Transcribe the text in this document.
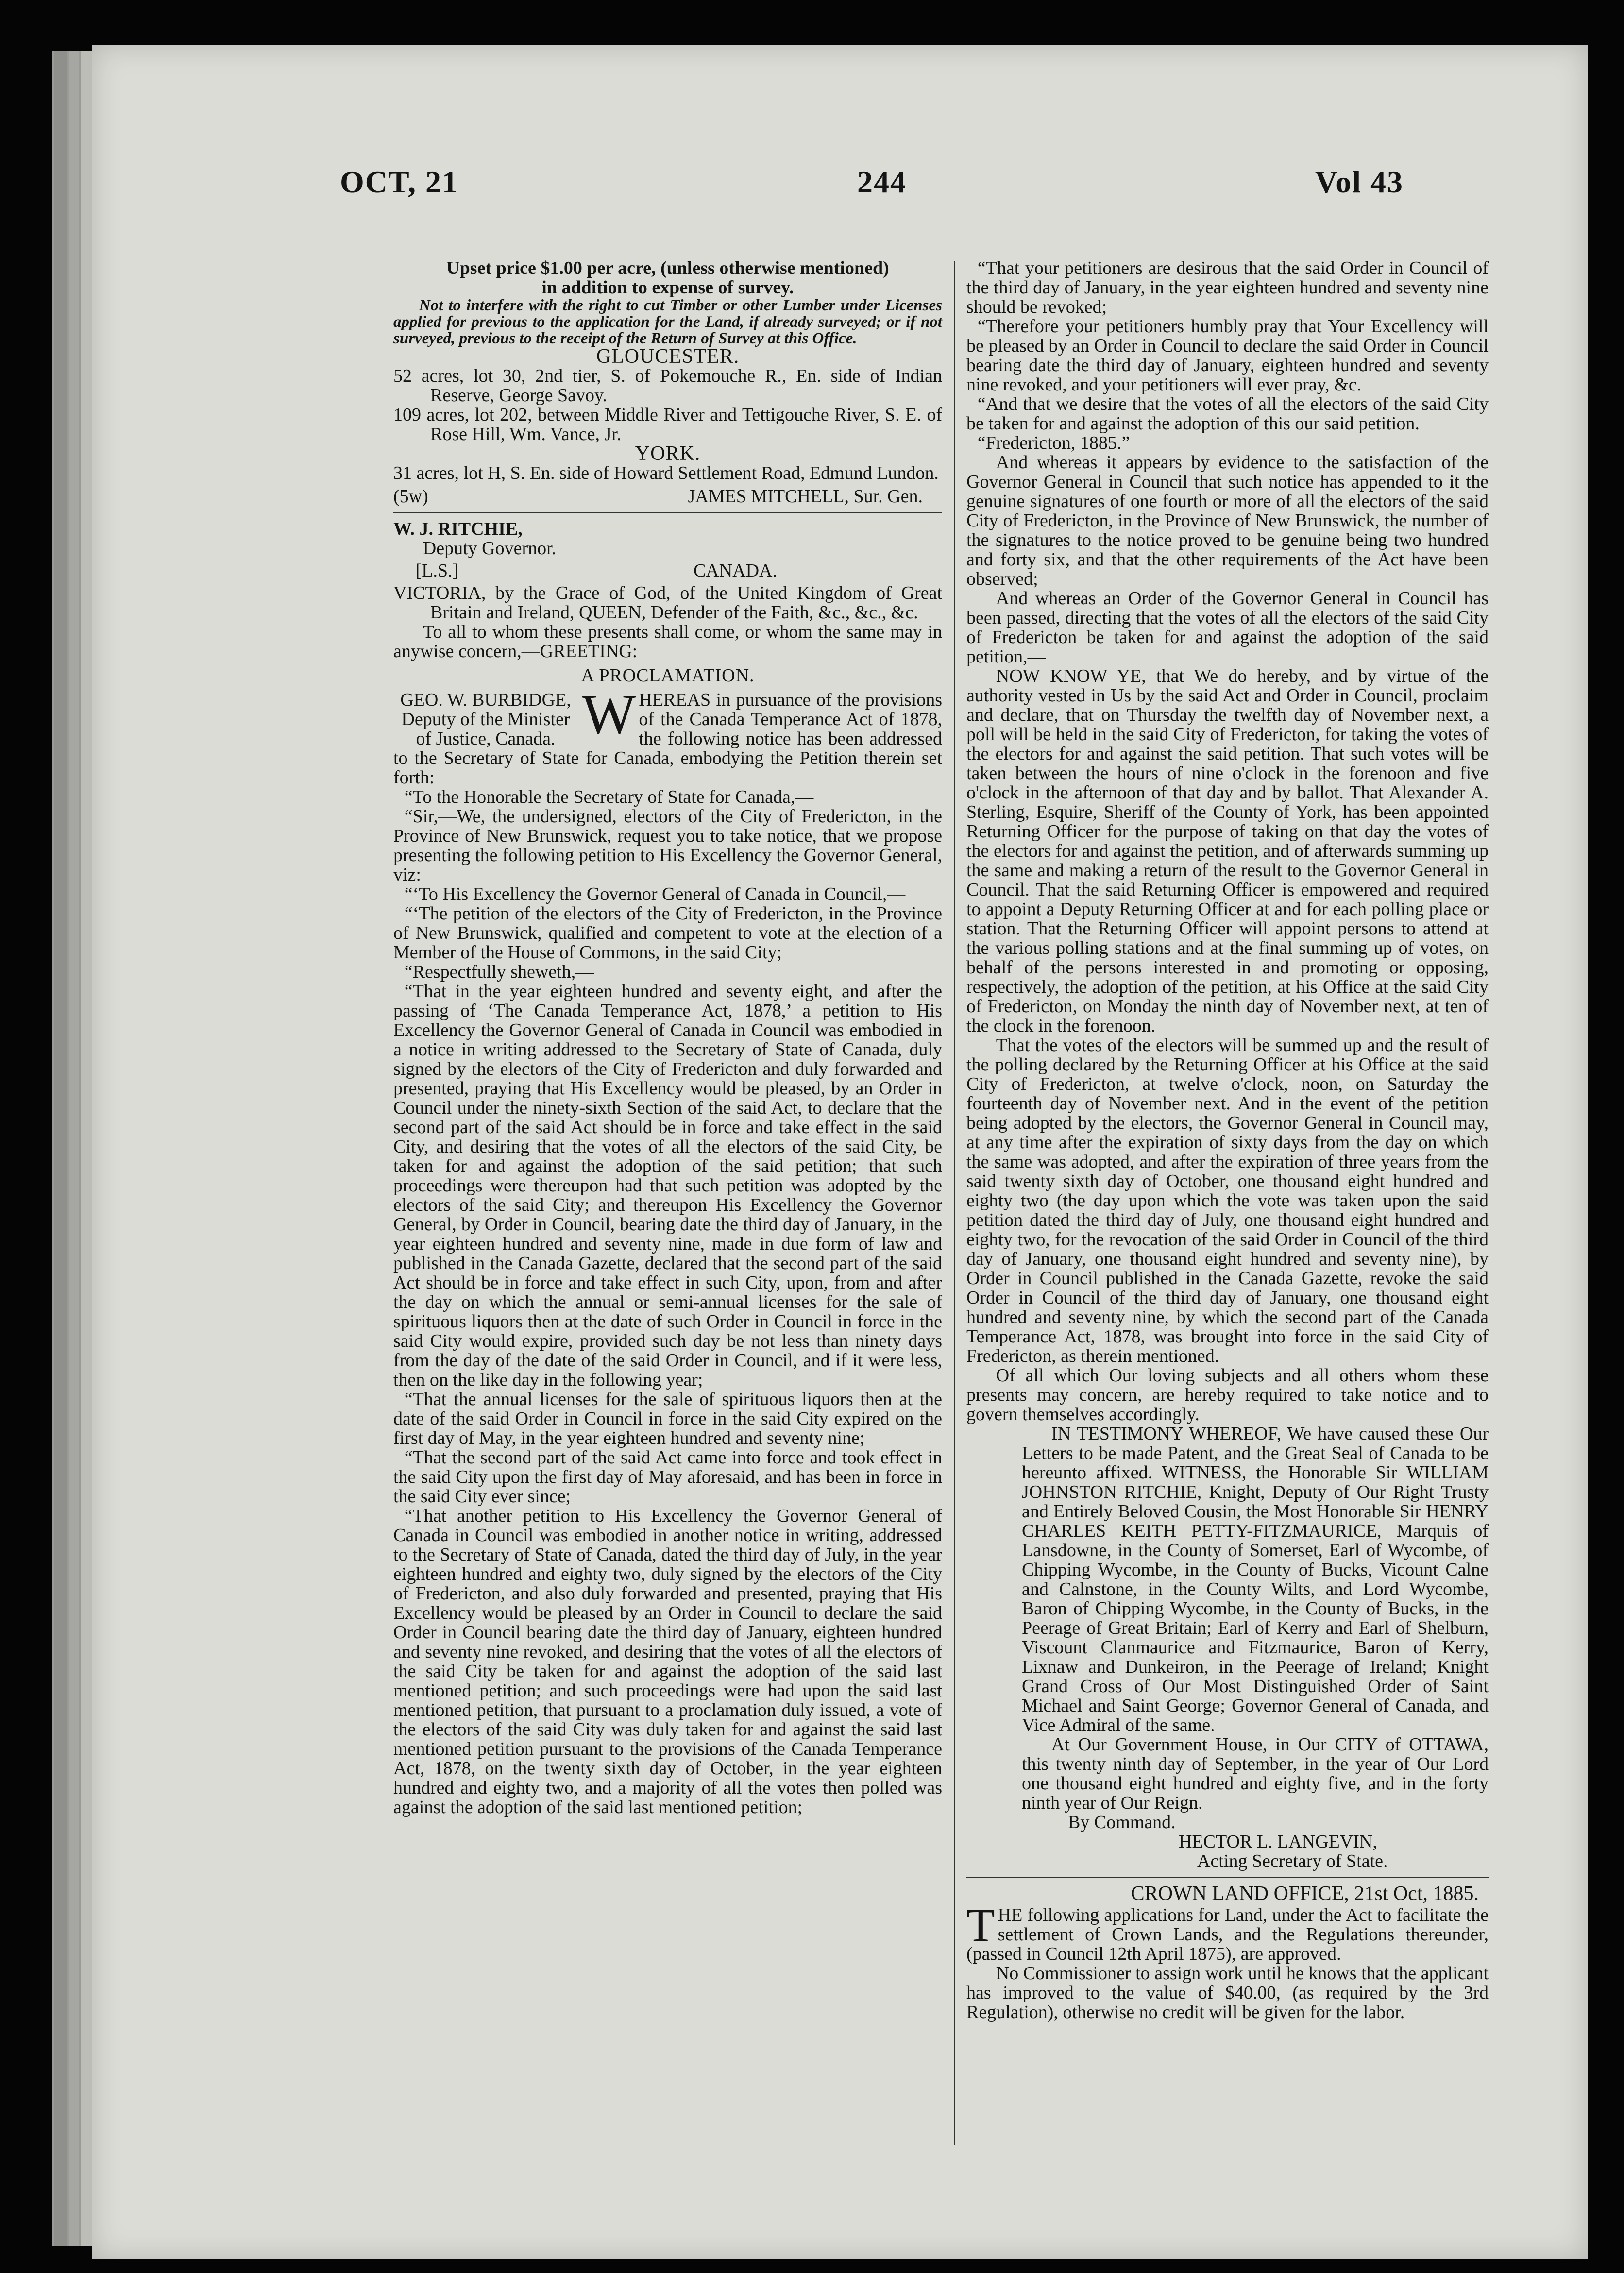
OCT, 21	244	Vol 43

Upset price $1.00 per acre, (unless otherwise mentioned)

in addition to expense of survey.

Not to interfere with the right to cut Timber or other Lumber under Licenses applied for previous to the application for the Land, if already surveyed; or if not surveyed, previous to the receipt of the Return of Survey at this Office.

GLOUCESTER.

52 acres, lot 30, 2nd tier, S. of Pokemouche R., En. side of Indian Reserve, George Savoy.

109 acres, lot 202, between Middle River and Tettigouche River, S. E. of Rose Hill, Wm. Vance, Jr.

YORK.

31 acres, lot H, S. En. side of Howard Settlement Road, Edmund Lundon.

(5w)	JAMES MITCHELL, Sur. Gen.

W. J. RITCHIE,

Deputy Governor.

[L.S.]	CANADA.

VICTORIA, by the Grace of God, of the United Kingdom of Great Britain and Ireland, QUEEN, Defender of the Faith, &c., &c., &c.

To all to whom these presents shall come, or whom the same may in anywise concern,—GREETING:

A PROCLAMATION.

GEO. W. BURBIDGE, Deputy of the Minister of Justice, Canada. W HEREAS in pursuance of the provisions of the Canada Temperance Act of 1878, the following notice has been addressed to the Secretary of State for Canada, embodying the Petition therein set forth:

“To the Honorable the Secretary of State for Canada,—

“Sir,—We, the undersigned, electors of the City of Fredericton, in the Province of New Brunswick, request you to take notice, that we propose presenting the following petition to His Excellency the Governor General, viz:

“‘To His Excellency the Governor General of Canada in Council,—

“‘The petition of the electors of the City of Fredericton, in the Province of New Brunswick, qualified and competent to vote at the election of a Member of the House of Commons, in the said City;

“Respectfully sheweth,—

“That in the year eighteen hundred and seventy eight, and after the passing of ‘The Canada Temperance Act, 1878,’ a petition to His Excellency the Governor General of Canada in Council was embodied in a notice in writing addressed to the Secretary of State of Canada, duly signed by the electors of the City of Fredericton and duly forwarded and presented, praying that His Excellency would be pleased, by an Order in Council under the ninety-sixth Section of the said Act, to declare that the second part of the said Act should be in force and take effect in the said City, and desiring that the votes of all the electors of the said City, be taken for and against the adoption of the said petition; that such proceedings were thereupon had that such petition was adopted by the electors of the said City; and thereupon His Excellency the Governor General, by Order in Council, bearing date the third day of January, in the year eighteen hundred and seventy nine, made in due form of law and published in the Canada Gazette, declared that the second part of the said Act should be in force and take effect in such City, upon, from and after the day on which the annual or semi-annual licenses for the sale of spirituous liquors then at the date of such Order in Council in force in the said City would expire, provided such day be not less than ninety days from the day of the date of the said Order in Council, and if it were less, then on the like day in the following year;

“That the annual licenses for the sale of spirituous liquors then at the date of the said Order in Council in force in the said City expired on the first day of May, in the year eighteen hundred and seventy nine;

“That the second part of the said Act came into force and took effect in the said City upon the first day of May aforesaid, and has been in force in the said City ever since;

“That another petition to His Excellency the Governor General of Canada in Council was embodied in another notice in writing, addressed to the Secretary of State of Canada, dated the third day of July, in the year eighteen hundred and eighty two, duly signed by the electors of the City of Fredericton, and also duly forwarded and presented, praying that His Excellency would be pleased by an Order in Council to declare the said Order in Council bearing date the third day of January, eighteen hundred and seventy nine revoked, and desiring that the votes of all the electors of the said City be taken for and against the adoption of the said last mentioned petition; and such proceedings were had upon the said last mentioned petition, that pursuant to a proclamation duly issued, a vote of the electors of the said City was duly taken for and against the said last mentioned petition pursuant to the provisions of the Canada Temperance Act, 1878, on the twenty sixth day of October, in the year eighteen hundred and eighty two, and a majority of all the votes then polled was against the adoption of the said last mentioned petition;

“That your petitioners are desirous that the said Order in Council of the third day of January, in the year eighteen hundred and seventy nine should be revoked;

“Therefore your petitioners humbly pray that Your Excellency will be pleased by an Order in Council to declare the said Order in Council bearing date the third day of January, eighteen hundred and seventy nine revoked, and your petitioners will ever pray, &c.

“And that we desire that the votes of all the electors of the said City be taken for and against the adoption of this our said petition.

“Fredericton, 1885.”

And whereas it appears by evidence to the satisfaction of the Governor General in Council that such notice has appended to it the genuine signatures of one fourth or more of all the electors of the said City of Fredericton, in the Province of New Brunswick, the number of the signatures to the notice proved to be genuine being two hundred and forty six, and that the other requirements of the Act have been observed;

And whereas an Order of the Governor General in Council has been passed, directing that the votes of all the electors of the said City of Fredericton be taken for and against the adoption of the said petition,—

NOW KNOW YE, that We do hereby, and by virtue of the authority vested in Us by the said Act and Order in Council, proclaim and declare, that on Thursday the twelfth day of November next, a poll will be held in the said City of Fredericton, for taking the votes of the electors for and against the said petition. That such votes will be taken between the hours of nine o'clock in the forenoon and five o'clock in the afternoon of that day and by ballot. That Alexander A. Sterling, Esquire, Sheriff of the County of York, has been appointed Returning Officer for the purpose of taking on that day the votes of the electors for and against the petition, and of afterwards summing up the same and making a return of the result to the Governor General in Council. That the said Returning Officer is empowered and required to appoint a Deputy Returning Officer at and for each polling place or station. That the Returning Officer will appoint persons to attend at the various polling stations and at the final summing up of votes, on behalf of the persons interested in and promoting or opposing, respectively, the adoption of the petition, at his Office at the said City of Fredericton, on Monday the ninth day of November next, at ten of the clock in the forenoon.

That the votes of the electors will be summed up and the result of the polling declared by the Returning Officer at his Office at the said City of Fredericton, at twelve o'clock, noon, on Saturday the fourteenth day of November next. And in the event of the petition being adopted by the electors, the Governor General in Council may, at any time after the expiration of sixty days from the day on which the same was adopted, and after the expiration of three years from the said twenty sixth day of October, one thousand eight hundred and eighty two (the day upon which the vote was taken upon the said petition dated the third day of July, one thousand eight hundred and eighty two, for the revocation of the said Order in Council of the third day of January, one thousand eight hundred and seventy nine), by Order in Council published in the Canada Gazette, revoke the said Order in Council of the third day of January, one thousand eight hundred and seventy nine, by which the second part of the Canada Temperance Act, 1878, was brought into force in the said City of Fredericton, as therein mentioned.

Of all which Our loving subjects and all others whom these presents may concern, are hereby required to take notice and to govern themselves accordingly.

IN TESTIMONY WHEREOF, We have caused these Our Letters to be made Patent, and the Great Seal of Canada to be hereunto affixed. WITNESS, the Honorable Sir WILLIAM JOHNSTON RITCHIE, Knight, Deputy of Our Right Trusty and Entirely Beloved Cousin, the Most Honorable Sir HENRY CHARLES KEITH PETTY-FITZMAURICE, Marquis of Lansdowne, in the County of Somerset, Earl of Wycombe, of Chipping Wycombe, in the County of Bucks, Vicount Calne and Calnstone, in the County Wilts, and Lord Wycombe, Baron of Chipping Wycombe, in the County of Bucks, in the Peerage of Great Britain; Earl of Kerry and Earl of Shelburn, Viscount Clanmaurice and Fitzmaurice, Baron of Kerry, Lixnaw and Dunkeiron, in the Peerage of Ireland; Knight Grand Cross of Our Most Distinguished Order of Saint Michael and Saint George; Governor General of Canada, and Vice Admiral of the same.

At Our Government House, in Our CITY of OTTAWA, this twenty ninth day of September, in the year of Our Lord one thousand eight hundred and eighty five, and in the forty ninth year of Our Reign.

By Command.

HECTOR L. LANGEVIN,

Acting Secretary of State.

CROWN LAND OFFICE, 21st Oct, 1885.

T HE following applications for Land, under the Act to facilitate the settlement of Crown Lands, and the Regulations thereunder, (passed in Council 12th April 1875), are approved.

No Commissioner to assign work until he knows that the applicant has improved to the value of $40.00, (as required by the 3rd Regulation), otherwise no credit will be given for the labor.
